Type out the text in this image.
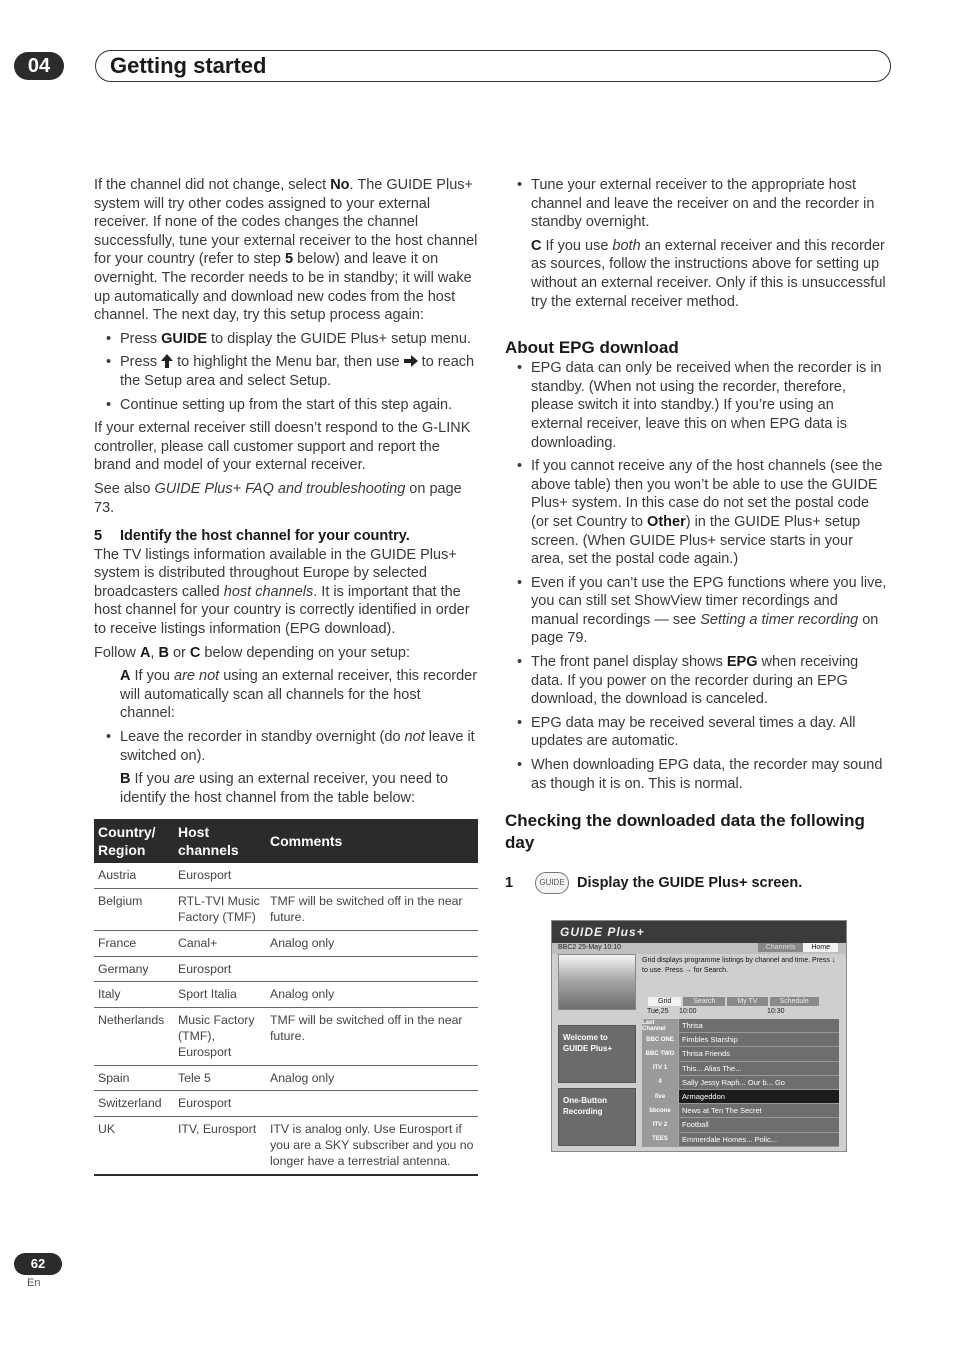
04	Getting started

If the channel did not change, select No. The GUIDE Plus+ system will try other codes assigned to your external receiver. If none of the codes changes the channel successfully, tune your external receiver to the host channel for your country (refer to step 5 below) and leave it on overnight. The recorder needs to be in standby; it will wake up automatically and download new codes from the host channel. The next day, try this setup process again:

• Press GUIDE to display the GUIDE Plus+ setup menu.
• Press  to highlight the Menu bar, then use  to reach the Setup area and select Setup.
• Continue setting up from the start of this step again.

If your external receiver still doesn’t respond to the G-LINK controller, please call customer support and report the brand and model of your external receiver.

See also GUIDE Plus+ FAQ and troubleshooting on page 73.

5 Identify the host channel for your country.

The TV listings information available in the GUIDE Plus+ system is distributed throughout Europe by selected broadcasters called host channels. It is important that the host channel for your country is correctly identified in order to receive listings information (EPG download).

Follow A, B or C below depending on your setup:

A If you are not using an external receiver, this recorder will automatically scan all channels for the host channel:
• Leave the recorder in standby overnight (do not leave it switched on).
B If you are using an external receiver, you need to identify the host channel from the table below:
Country/ Region	Host channels	Comments

Austria	Eurosport	

Belgium	RTL-TVI Music Factory (TMF)	TMF will be switched off in the near future.

France	Canal+	Analog only

Germany	Eurosport	

Italy	Sport Italia	Analog only

Netherlands	Music Factory (TMF), Eurosport	TMF will be switched off in the near future.

Spain	Tele 5	Analog only

Switzerland	Eurosport	

UK	ITV, Eurosport	ITV is analog only. Use Eurosport if you are a SKY subscriber and you no longer have a terrestrial antenna.
• Tune your external receiver to the appropriate host channel and leave the receiver on and the recorder in standby overnight.
C If you use both an external receiver and this recorder as sources, follow the instructions above for setting up without an external receiver. Only if this is unsuccessful try the external receiver method.
About EPG download
• EPG data can only be received when the recorder is in standby. (When not using the recorder, therefore, please switch it into standby.) If you’re using an external receiver, leave this on when EPG data is downloading.
• If you cannot receive any of the host channels (see the above table) then you won’t be able to use the GUIDE Plus+ system. In this case do not set the postal code (or set Country to Other) in the GUIDE Plus+ setup screen. (When GUIDE Plus+ service starts in your area, set the postal code again.)
• Even if you can’t use the EPG functions where you live, you can still set ShowView timer recordings and manual recordings — see Setting a timer recording on page 79.
• The front panel display shows EPG when receiving data. If you power on the recorder during an EPG download, the download is canceled.
• EPG data may be received several times a day. All updates are automatic.
• When downloading EPG data, the recorder may sound as though it is on. This is normal.
Checking the downloaded data the following day
1	GUIDE Display the GUIDE Plus+ screen.
GUIDE Plus+
BBC2 25-May 10:10	Channels	Home
Grid displays programme listings by channel and time. Press ↓ to use. Press → for Search.
Grid	Search	My TV	Schedule
Tue,25 10:00	10:30
Welcome to
GUIDE Plus+
One-Button
Recording
Last Channel	Thrisa
BBC ONE	Fimbles Starship
BBC TWO	Thrisa Friends
ITV 1	This... Alias The...
4	Sally Jessy Raph... Our b... Go
five	Armageddon
bbcone	News at Ten The Secret
ITV 2	Football
TEES	Emmerdale Homes... Polic...
62
En
